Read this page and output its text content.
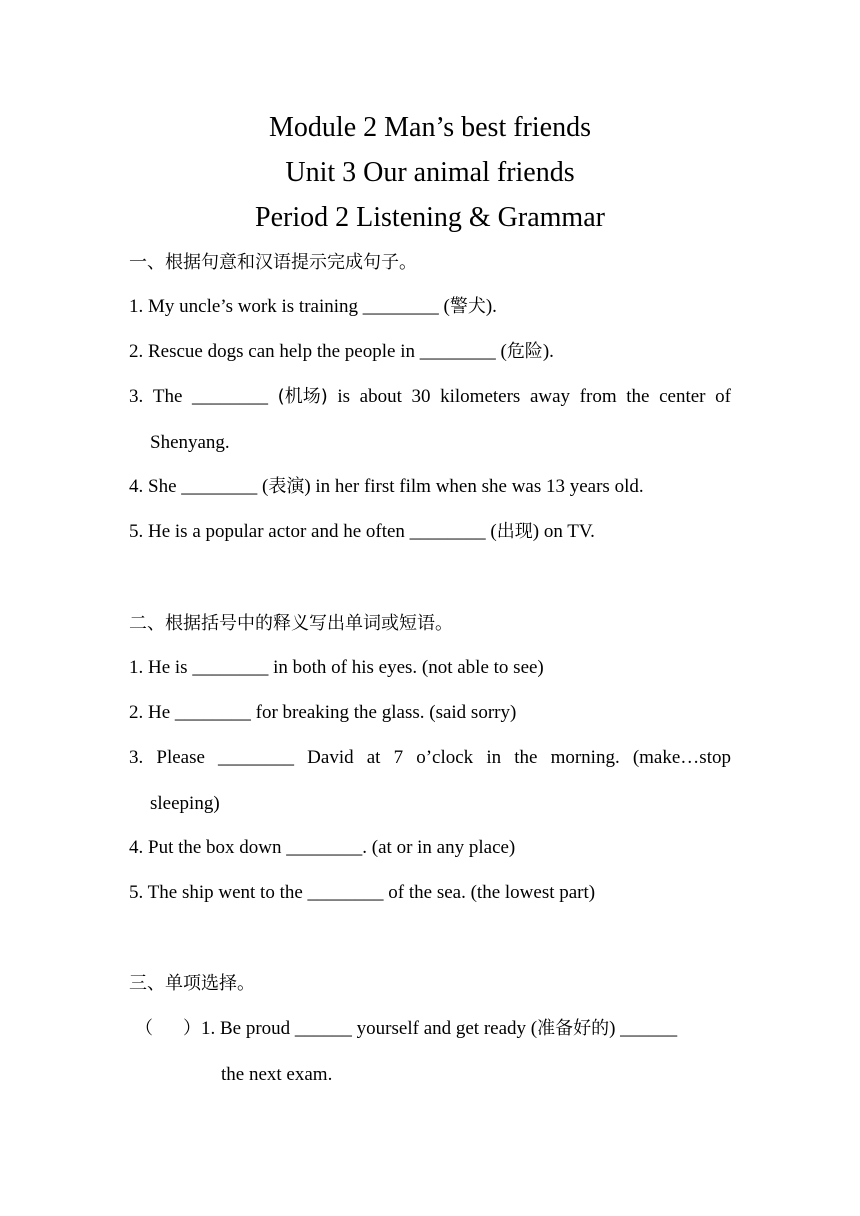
Module 2 Man’s best friends
Unit 3 Our animal friends
Period 2 Listening & Grammar
一、根据句意和汉语提示完成句子。
1. My uncle’s work is training ________ (警犬).
2. Rescue dogs can help the people in ________ (危险).
3. The ________ (机场) is about 30 kilometers away from the center of
Shenyang.
4. She ________ (表演) in her first film when she was 13 years old.
5. He is a popular actor and he often ________ (出现) on TV.
二、根据括号中的释义写出单词或短语。
1. He is ________ in both of his eyes. (not able to see)
2. He ________ for breaking the glass. (said sorry)
3. Please ________ David at 7 o’clock in the morning. (make…stop
sleeping)
4. Put the box down ________. (at or in any place)
5. The ship went to the ________ of the sea. (the lowest part)
三、单项选择。
（ ）1. Be proud ______ yourself and get ready (准备好的) ______
the next exam.
